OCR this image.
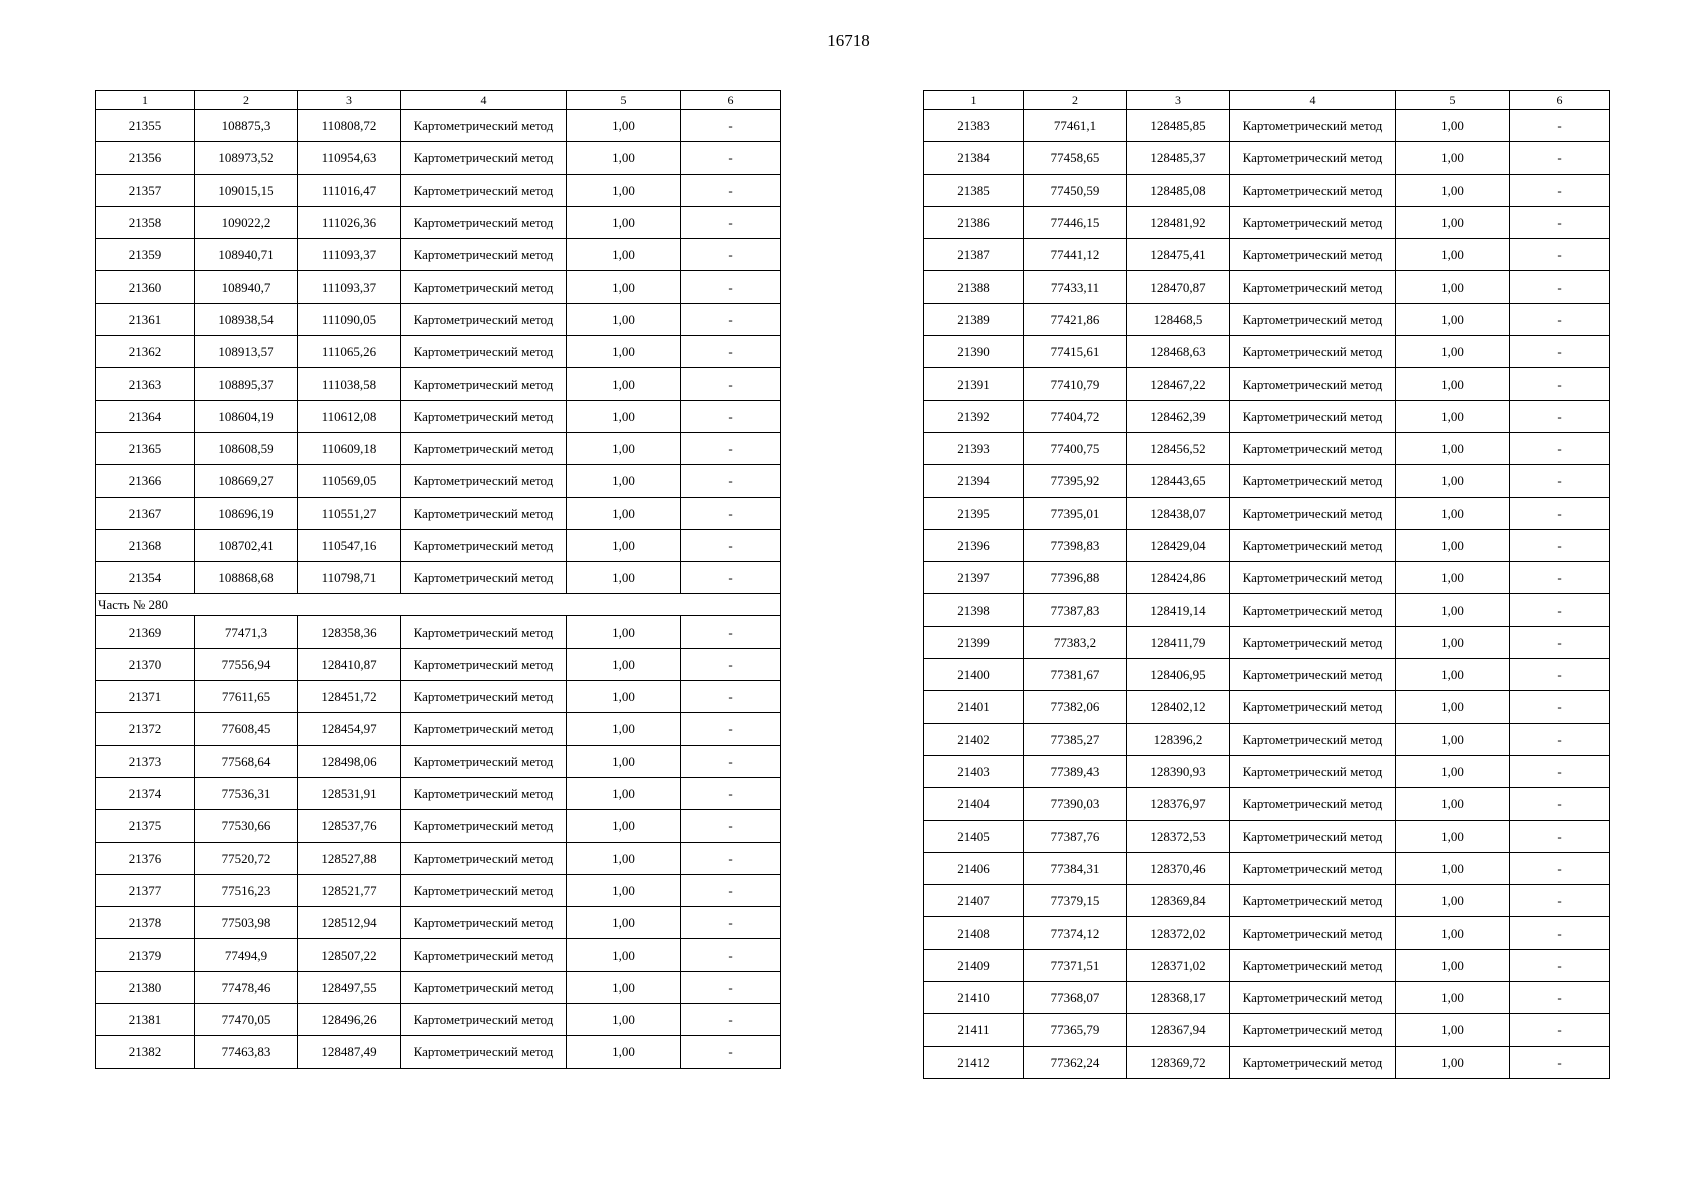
16718
1	2	3	4	5	6
21355	108875,3	110808,72	Картометрический метод	1,00	-
21356	108973,52	110954,63	Картометрический метод	1,00	-
21357	109015,15	111016,47	Картометрический метод	1,00	-
21358	109022,2	111026,36	Картометрический метод	1,00	-
21359	108940,71	111093,37	Картометрический метод	1,00	-
21360	108940,7	111093,37	Картометрический метод	1,00	-
21361	108938,54	111090,05	Картометрический метод	1,00	-
21362	108913,57	111065,26	Картометрический метод	1,00	-
21363	108895,37	111038,58	Картометрический метод	1,00	-
21364	108604,19	110612,08	Картометрический метод	1,00	-
21365	108608,59	110609,18	Картометрический метод	1,00	-
21366	108669,27	110569,05	Картометрический метод	1,00	-
21367	108696,19	110551,27	Картометрический метод	1,00	-
21368	108702,41	110547,16	Картометрический метод	1,00	-
21354	108868,68	110798,71	Картометрический метод	1,00	-
Часть № 280					
21369	77471,3	128358,36	Картометрический метод	1,00	-
21370	77556,94	128410,87	Картометрический метод	1,00	-
21371	77611,65	128451,72	Картометрический метод	1,00	-
21372	77608,45	128454,97	Картометрический метод	1,00	-
21373	77568,64	128498,06	Картометрический метод	1,00	-
21374	77536,31	128531,91	Картометрический метод	1,00	-
21375	77530,66	128537,76	Картометрический метод	1,00	-
21376	77520,72	128527,88	Картометрический метод	1,00	-
21377	77516,23	128521,77	Картометрический метод	1,00	-
21378	77503,98	128512,94	Картометрический метод	1,00	-
21379	77494,9	128507,22	Картометрический метод	1,00	-
21380	77478,46	128497,55	Картометрический метод	1,00	-
21381	77470,05	128496,26	Картометрический метод	1,00	-
21382	77463,83	128487,49	Картометрический метод	1,00	-
1	2	3	4	5	6
21383	77461,1	128485,85	Картометрический метод	1,00	-
21384	77458,65	128485,37	Картометрический метод	1,00	-
21385	77450,59	128485,08	Картометрический метод	1,00	-
21386	77446,15	128481,92	Картометрический метод	1,00	-
21387	77441,12	128475,41	Картометрический метод	1,00	-
21388	77433,11	128470,87	Картометрический метод	1,00	-
21389	77421,86	128468,5	Картометрический метод	1,00	-
21390	77415,61	128468,63	Картометрический метод	1,00	-
21391	77410,79	128467,22	Картометрический метод	1,00	-
21392	77404,72	128462,39	Картометрический метод	1,00	-
21393	77400,75	128456,52	Картометрический метод	1,00	-
21394	77395,92	128443,65	Картометрический метод	1,00	-
21395	77395,01	128438,07	Картометрический метод	1,00	-
21396	77398,83	128429,04	Картометрический метод	1,00	-
21397	77396,88	128424,86	Картометрический метод	1,00	-
21398	77387,83	128419,14	Картометрический метод	1,00	-
21399	77383,2	128411,79	Картометрический метод	1,00	-
21400	77381,67	128406,95	Картометрический метод	1,00	-
21401	77382,06	128402,12	Картометрический метод	1,00	-
21402	77385,27	128396,2	Картометрический метод	1,00	-
21403	77389,43	128390,93	Картометрический метод	1,00	-
21404	77390,03	128376,97	Картометрический метод	1,00	-
21405	77387,76	128372,53	Картометрический метод	1,00	-
21406	77384,31	128370,46	Картометрический метод	1,00	-
21407	77379,15	128369,84	Картометрический метод	1,00	-
21408	77374,12	128372,02	Картометрический метод	1,00	-
21409	77371,51	128371,02	Картометрический метод	1,00	-
21410	77368,07	128368,17	Картометрический метод	1,00	-
21411	77365,79	128367,94	Картометрический метод	1,00	-
21412	77362,24	128369,72	Картометрический метод	1,00	-
